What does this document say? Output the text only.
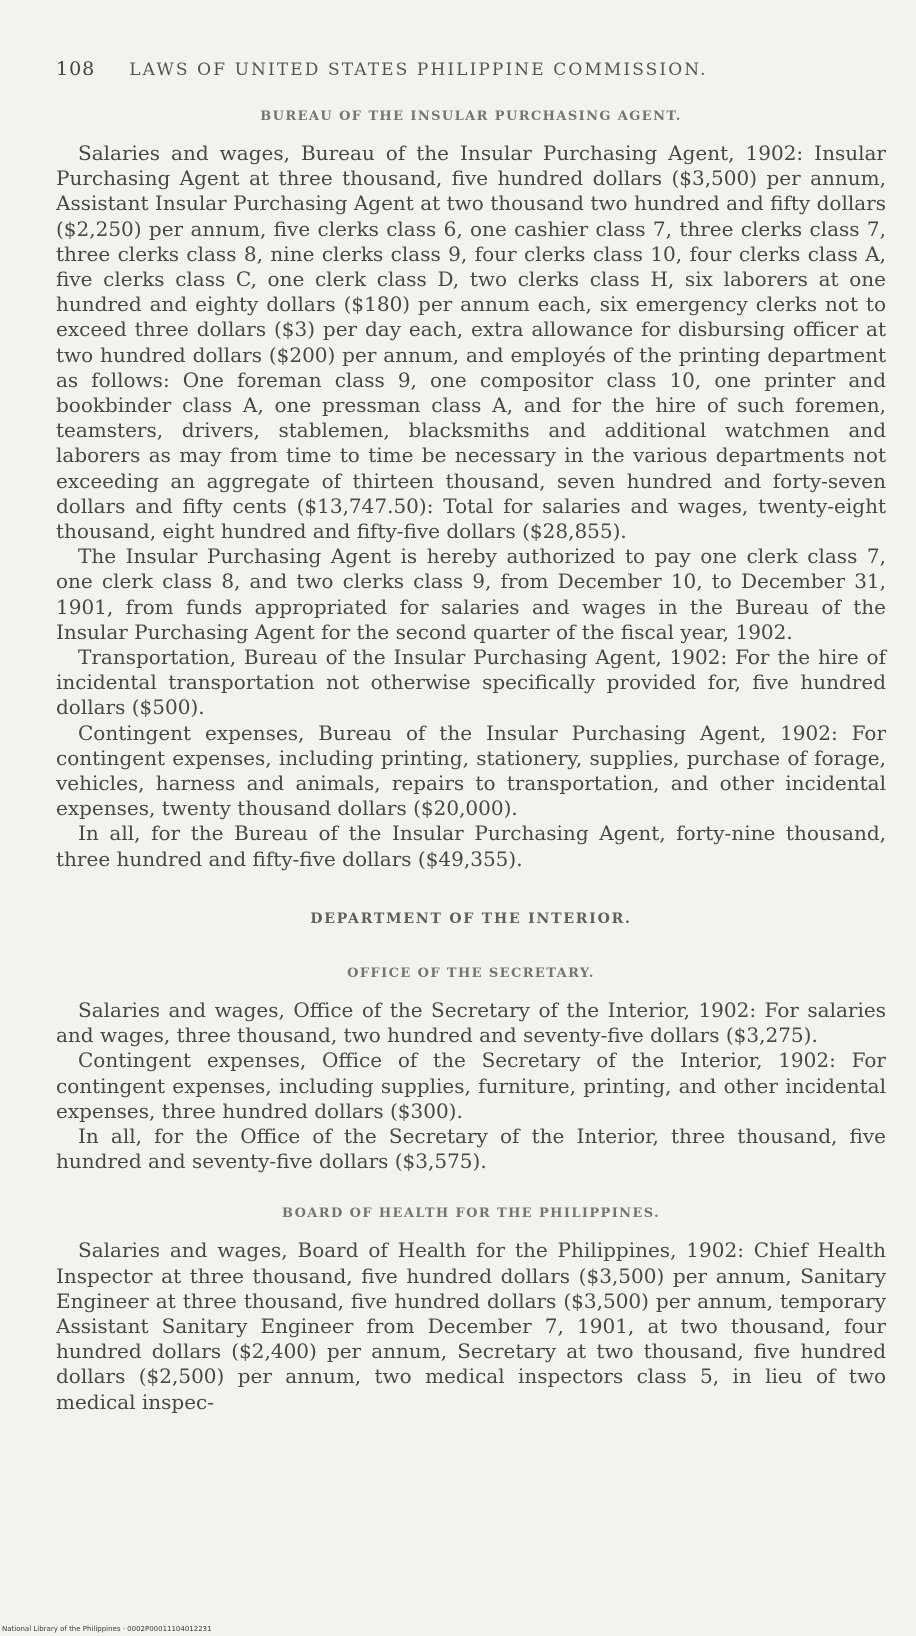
108 LAWS OF UNITED STATES PHILIPPINE COMMISSION.
BUREAU OF THE INSULAR PURCHASING AGENT.

Salaries and wages, Bureau of the Insular Purchasing Agent, 1902: Insular Purchasing Agent at three thousand, five hundred dollars ($3,500) per annum, Assistant Insular Purchasing Agent at two thousand two hundred and fifty dollars ($2,250) per annum, five clerks class 6, one cashier class 7, three clerks class 7, three clerks class 8, nine clerks class 9, four clerks class 10, four clerks class A, five clerks class C, one clerk class D, two clerks class H, six laborers at one hundred and eighty dollars ($180) per annum each, six emergency clerks not to exceed three dollars ($3) per day each, extra allowance for disbursing officer at two hundred dollars ($200) per annum, and employés of the printing department as follows: One foreman class 9, one compositor class 10, one printer and bookbinder class A, one pressman class A, and for the hire of such foremen, teamsters, drivers, stablemen, blacksmiths and additional watchmen and laborers as may from time to time be necessary in the various departments not exceeding an aggregate of thirteen thousand, seven hundred and forty-seven dollars and fifty cents ($13,747.50): Total for salaries and wages, twenty-eight thousand, eight hundred and fifty-five dollars ($28,855).

The Insular Purchasing Agent is hereby authorized to pay one clerk class 7, one clerk class 8, and two clerks class 9, from December 10, to December 31, 1901, from funds appropriated for salaries and wages in the Bureau of the Insular Purchasing Agent for the second quarter of the fiscal year, 1902.

Transportation, Bureau of the Insular Purchasing Agent, 1902: For the hire of incidental transportation not otherwise specifically provided for, five hundred dollars ($500).

Contingent expenses, Bureau of the Insular Purchasing Agent, 1902: For contingent expenses, including printing, stationery, supplies, purchase of forage, vehicles, harness and animals, repairs to transportation, and other incidental expenses, twenty thousand dollars ($20,000).

In all, for the Bureau of the Insular Purchasing Agent, forty-nine thousand, three hundred and fifty-five dollars ($49,355).

DEPARTMENT OF THE INTERIOR.
OFFICE OF THE SECRETARY.

Salaries and wages, Office of the Secretary of the Interior, 1902: For salaries and wages, three thousand, two hundred and seventy-five dollars ($3,275).

Contingent expenses, Office of the Secretary of the Interior, 1902: For contingent expenses, including supplies, furniture, printing, and other incidental expenses, three hundred dollars ($300).

In all, for the Office of the Secretary of the Interior, three thousand, five hundred and seventy-five dollars ($3,575).

BOARD OF HEALTH FOR THE PHILIPPINES.

Salaries and wages, Board of Health for the Philippines, 1902: Chief Health Inspector at three thousand, five hundred dollars ($3,500) per annum, Sanitary Engineer at three thousand, five hundred dollars ($3,500) per annum, temporary Assistant Sanitary Engineer from December 7, 1901, at two thousand, four hundred dollars ($2,400) per annum, Secretary at two thousand, five hundred dollars ($2,500) per annum, two medical inspectors class 5, in lieu of two medical inspec-

National Library of the Philippines · 0002P00011104012231
